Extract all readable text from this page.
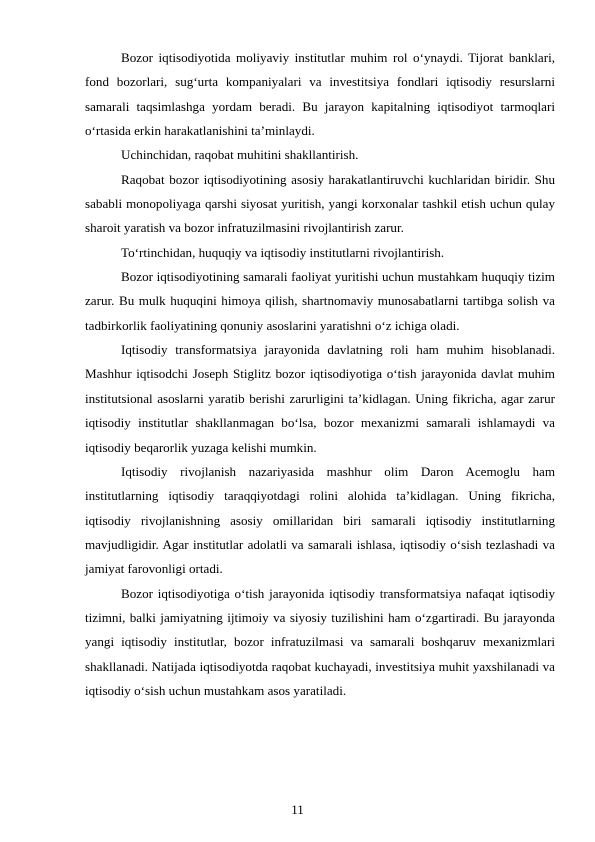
Bozor iqtisodiyotida moliyaviy institutlar muhim rol o‘ynaydi. Tijorat banklari, fond bozorlari, sug‘urta kompaniyalari va investitsiya fondlari iqtisodiy resurslarni samarali taqsimlashga yordam beradi. Bu jarayon kapitalning iqtisodiyot tarmoqlari o‘rtasida erkin harakatlanishini ta’minlaydi.

Uchinchidan, raqobat muhitini shakllantirish.

Raqobat bozor iqtisodiyotining asosiy harakatlantiruvchi kuchlaridan biridir. Shu sababli monopoliyaga qarshi siyosat yuritish, yangi korxonalar tashkil etish uchun qulay sharoit yaratish va bozor infratuzilmasini rivojlantirish zarur.

To‘rtinchidan, huquqiy va iqtisodiy institutlarni rivojlantirish.

Bozor iqtisodiyotining samarali faoliyat yuritishi uchun mustahkam huquqiy tizim zarur. Bu mulk huquqini himoya qilish, shartnomaviy munosabatlarni tartibga solish va tadbirkorlik faoliyatining qonuniy asoslarini yaratishni o‘z ichiga oladi.

Iqtisodiy transformatsiya jarayonida davlatning roli ham muhim hisoblanadi. Mashhur iqtisodchi Joseph Stiglitz bozor iqtisodiyotiga o‘tish jarayonida davlat muhim institutsional asoslarni yaratib berishi zarurligini ta’kidlagan. Uning fikricha, agar zarur iqtisodiy institutlar shakllanmagan bo‘lsa, bozor mexanizmi samarali ishlamaydi va iqtisodiy beqarorlik yuzaga kelishi mumkin.

Iqtisodiy rivojlanish nazariyasida mashhur olim Daron Acemoglu ham institutlarning iqtisodiy taraqqiyotdagi rolini alohida ta’kidlagan. Uning fikricha, iqtisodiy rivojlanishning asosiy omillaridan biri samarali iqtisodiy institutlarning mavjudligidir. Agar institutlar adolatli va samarali ishlasa, iqtisodiy o‘sish tezlashadi va jamiyat farovonligi ortadi.

Bozor iqtisodiyotiga o‘tish jarayonida iqtisodiy transformatsiya nafaqat iqtisodiy tizimni, balki jamiyatning ijtimoiy va siyosiy tuzilishini ham o‘zgartiradi. Bu jarayonda yangi iqtisodiy institutlar, bozor infratuzilmasi va samarali boshqaruv mexanizmlari shakllanadi. Natijada iqtisodiyotda raqobat kuchayadi, investitsiya muhit yaxshilanadi va iqtisodiy o‘sish uchun mustahkam asos yaratiladi.

11
